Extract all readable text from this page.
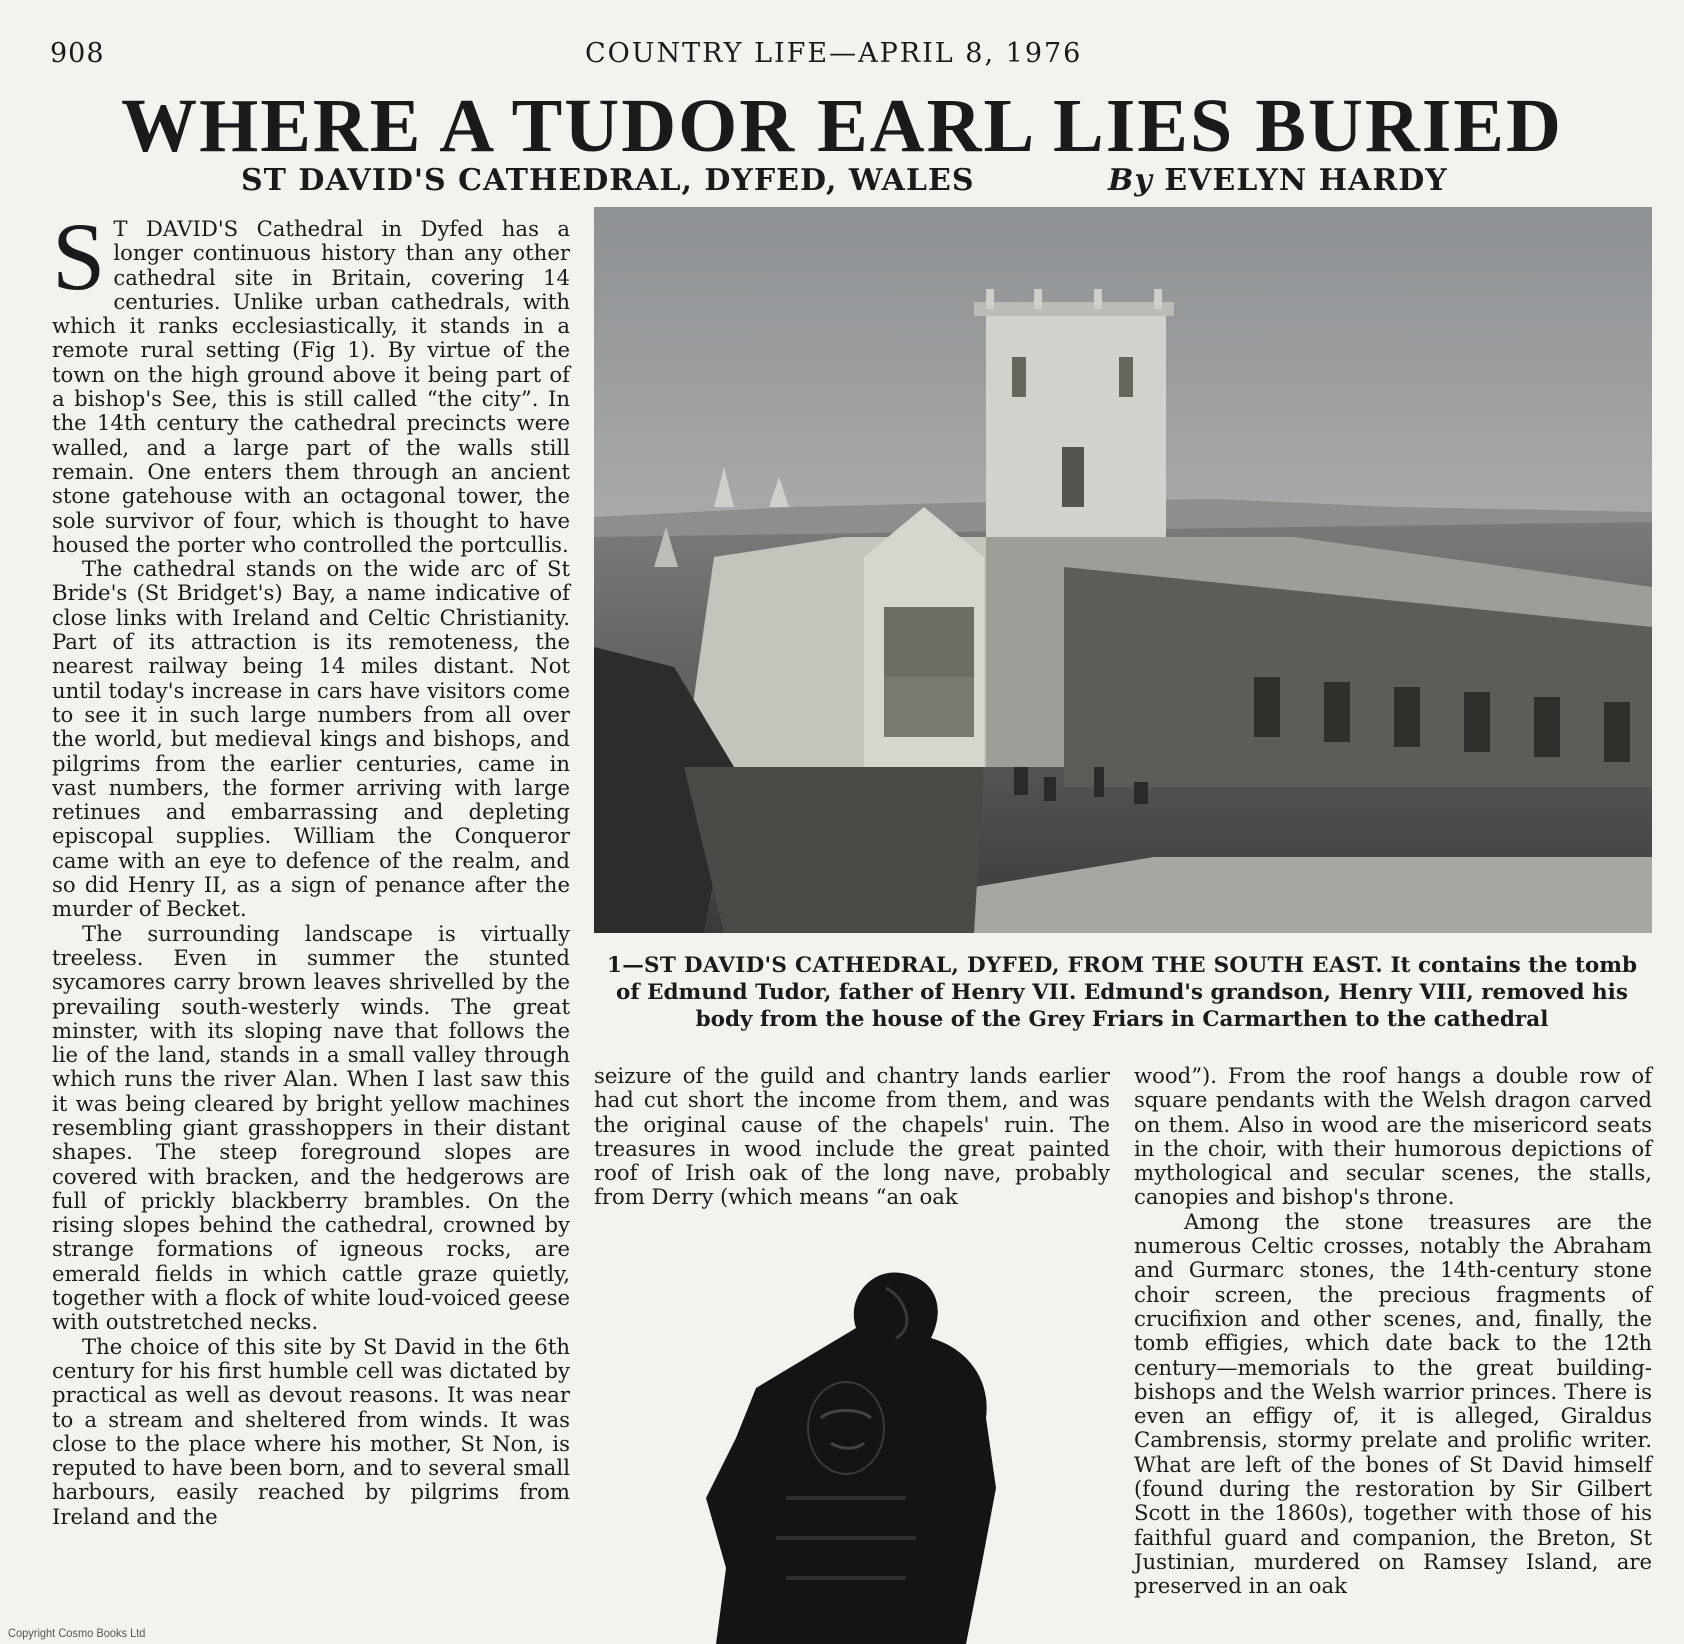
908	COUNTRY LIFE—APRIL 8, 1976
WHERE A TUDOR EARL LIES BURIED
ST DAVID'S CATHEDRAL, DYFED, WALES	By EVELYN HARDY

S T DAVID'S Cathedral in Dyfed has a longer continuous history than any other cathedral site in Britain, covering 14 centuries. Unlike urban cathedrals, with which it ranks ecclesiastically, it stands in a remote rural setting (Fig 1). By virtue of the town on the high ground above it being part of a bishop's See, this is still called “the city”. In the 14th century the cathedral precincts were walled, and a large part of the walls still remain. One enters them through an ancient stone gatehouse with an octagonal tower, the sole survivor of four, which is thought to have housed the porter who controlled the portcullis.

The cathedral stands on the wide arc of St Bride's (St Bridget's) Bay, a name indicative of close links with Ireland and Celtic Christianity. Part of its attraction is its remoteness, the nearest railway being 14 miles distant. Not until today's increase in cars have visitors come to see it in such large numbers from all over the world, but medieval kings and bishops, and pilgrims from the earlier centuries, came in vast numbers, the former arriving with large retinues and embarrassing and depleting episcopal supplies. William the Conqueror came with an eye to defence of the realm, and so did Henry II, as a sign of penance after the murder of Becket.

The surrounding landscape is virtually treeless. Even in summer the stunted sycamores carry brown leaves shrivelled by the prevailing south-westerly winds. The great minster, with its sloping nave that follows the lie of the land, stands in a small valley through which runs the river Alan. When I last saw this it was being cleared by bright yellow machines resembling giant grasshoppers in their distant shapes. The steep foreground slopes are covered with bracken, and the hedgerows are full of prickly blackberry brambles. On the rising slopes behind the cathedral, crowned by strange formations of igneous rocks, are emerald fields in which cattle graze quietly, together with a flock of white loud-voiced geese with outstretched necks.

The choice of this site by St David in the 6th century for his first humble cell was dictated by practical as well as devout reasons. It was near to a stream and sheltered from winds. It was close to the place where his mother, St Non, is reputed to have been born, and to several small harbours, easily reached by pilgrims from Ireland and the

1—ST DAVID'S CATHEDRAL, DYFED, FROM THE SOUTH EAST. It contains the tomb of Edmund Tudor, father of Henry VII. Edmund's grandson, Henry VIII, removed his body from the house of the Grey Friars in Carmarthen to the cathedral

seizure of the guild and chantry lands earlier had cut short the income from them, and was the original cause of the chapels' ruin. The treasures in wood include the great painted roof of Irish oak of the long nave, probably from Derry (which means “an oak

wood”). From the roof hangs a double row of square pendants with the Welsh dragon carved on them. Also in wood are the misericord seats in the choir, with their humorous depictions of mythological and secular scenes, the stalls, canopies and bishop's throne.

Among the stone treasures are the numerous Celtic crosses, notably the Abraham and Gurmarc stones, the 14th-century stone choir screen, the precious fragments of crucifixion and other scenes, and, finally, the tomb effigies, which date back to the 12th century—memorials to the great building-bishops and the Welsh warrior princes. There is even an effigy of, it is alleged, Giraldus Cambrensis, stormy prelate and prolific writer. What are left of the bones of St David himself (found during the restoration by Sir Gilbert Scott in the 1860s), together with those of his faithful guard and companion, the Breton, St Justinian, murdered on Ramsey Island, are preserved in an oak

Copyright Cosmo Books Ltd
